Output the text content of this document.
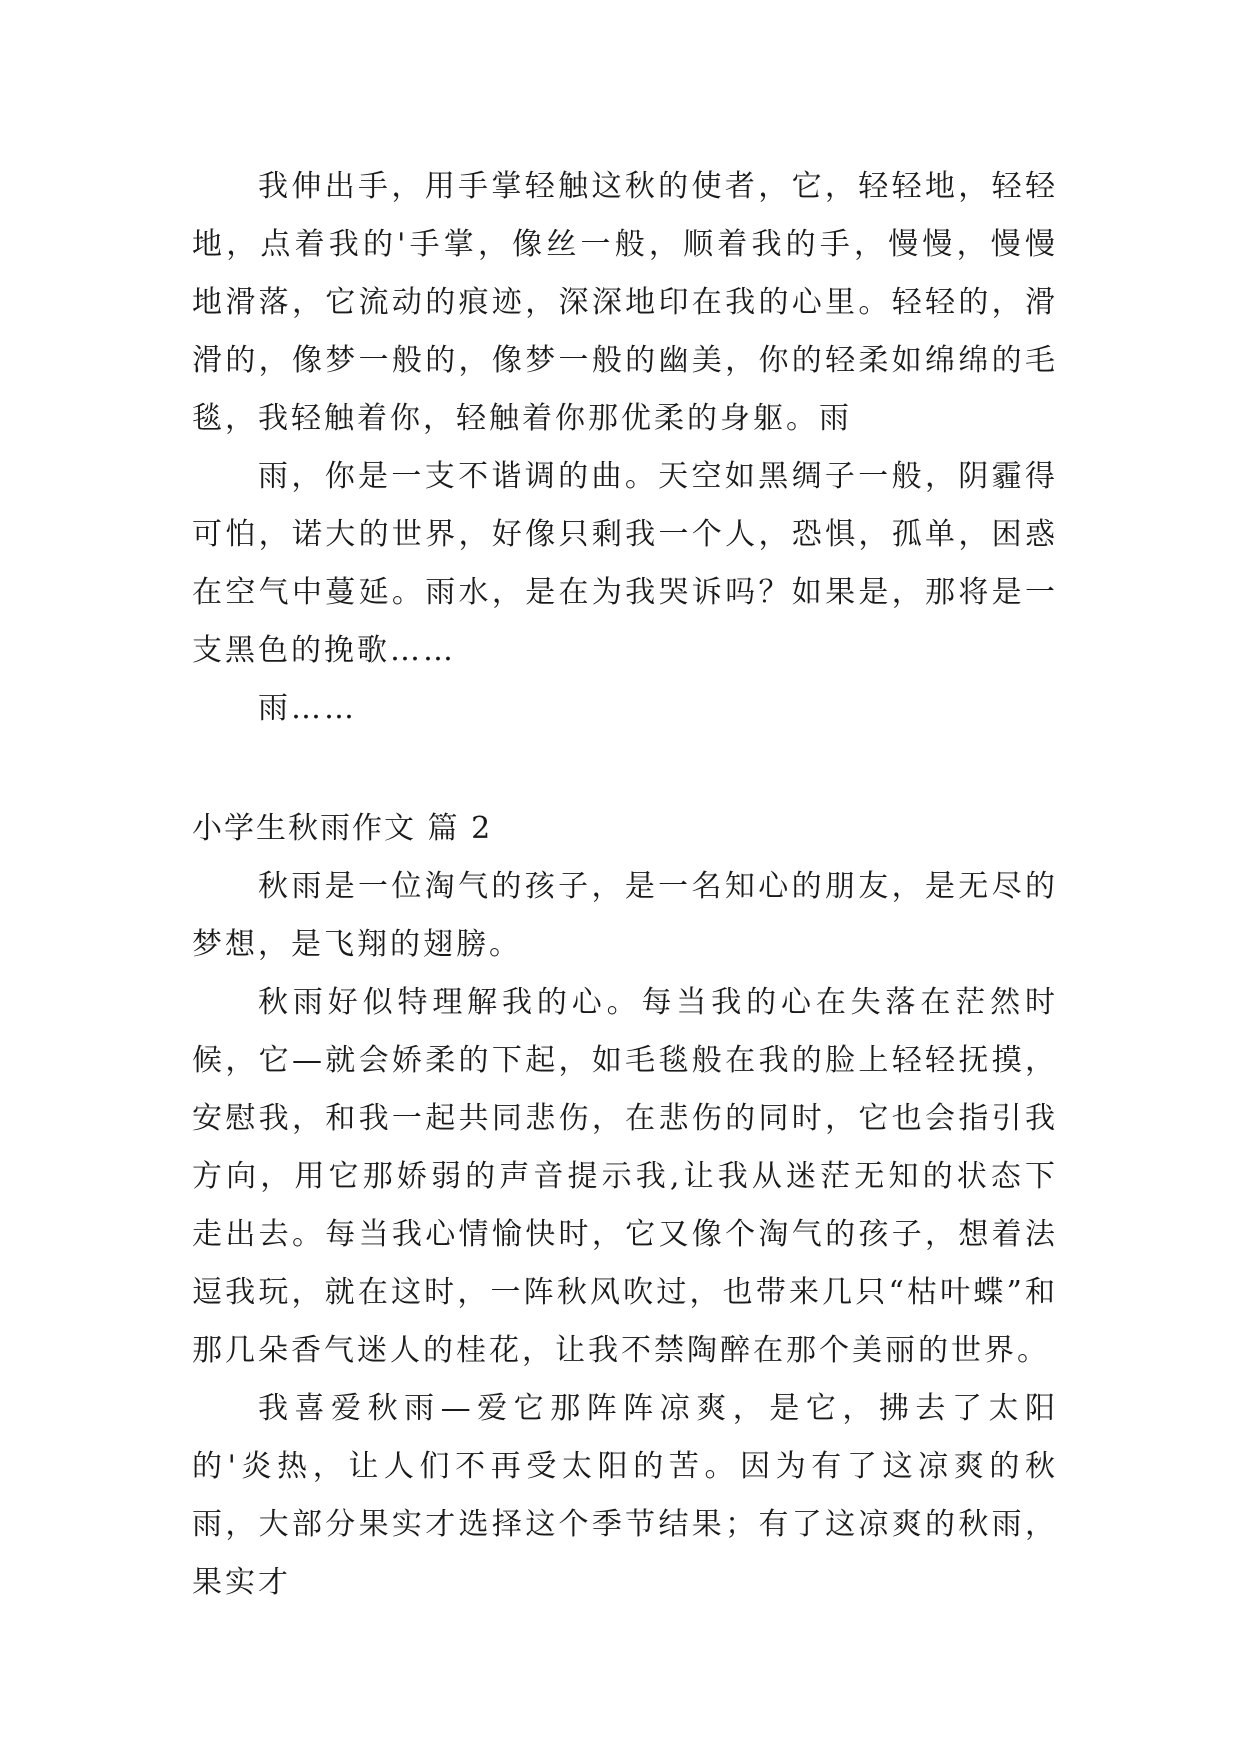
我伸出手，用手掌轻触这秋的使者，它，轻轻地，轻轻地，点着我的'手掌，像丝一般，顺着我的手，慢慢，慢慢地滑落，它流动的痕迹，深深地印在我的心里。轻轻的，滑滑的，像梦一般的，像梦一般的幽美，你的轻柔如绵绵的毛毯，我轻触着你，轻触着你那优柔的身躯。雨

雨，你是一支不谐调的曲。天空如黑绸子一般，阴霾得可怕，诺大的世界，好像只剩我一个人，恐惧，孤单，困惑在空气中蔓延。雨水，是在为我哭诉吗？如果是，那将是一支黑色的挽歌……

雨……

小学生秋雨作文 篇 2

秋雨是一位淘气的孩子，是一名知心的朋友，是无尽的梦想，是飞翔的翅膀。

秋雨好似特理解我的心。每当我的心在失落在茫然时候，它—就会娇柔的下起，如毛毯般在我的脸上轻轻抚摸，安慰我，和我一起共同悲伤，在悲伤的同时，它也会指引我方向，用它那娇弱的声音提示我,让我从迷茫无知的状态下走出去。每当我心情愉快时，它又像个淘气的孩子，想着法逗我玩，就在这时，一阵秋风吹过，也带来几只“枯叶蝶”和那几朵香气迷人的桂花，让我不禁陶醉在那个美丽的世界。

我喜爱秋雨—爱它那阵阵凉爽，是它，拂去了太阳的'炎热，让人们不再受太阳的苦。因为有了这凉爽的秋雨，大部分果实才选择这个季节结果；有了这凉爽的秋雨，果实才
